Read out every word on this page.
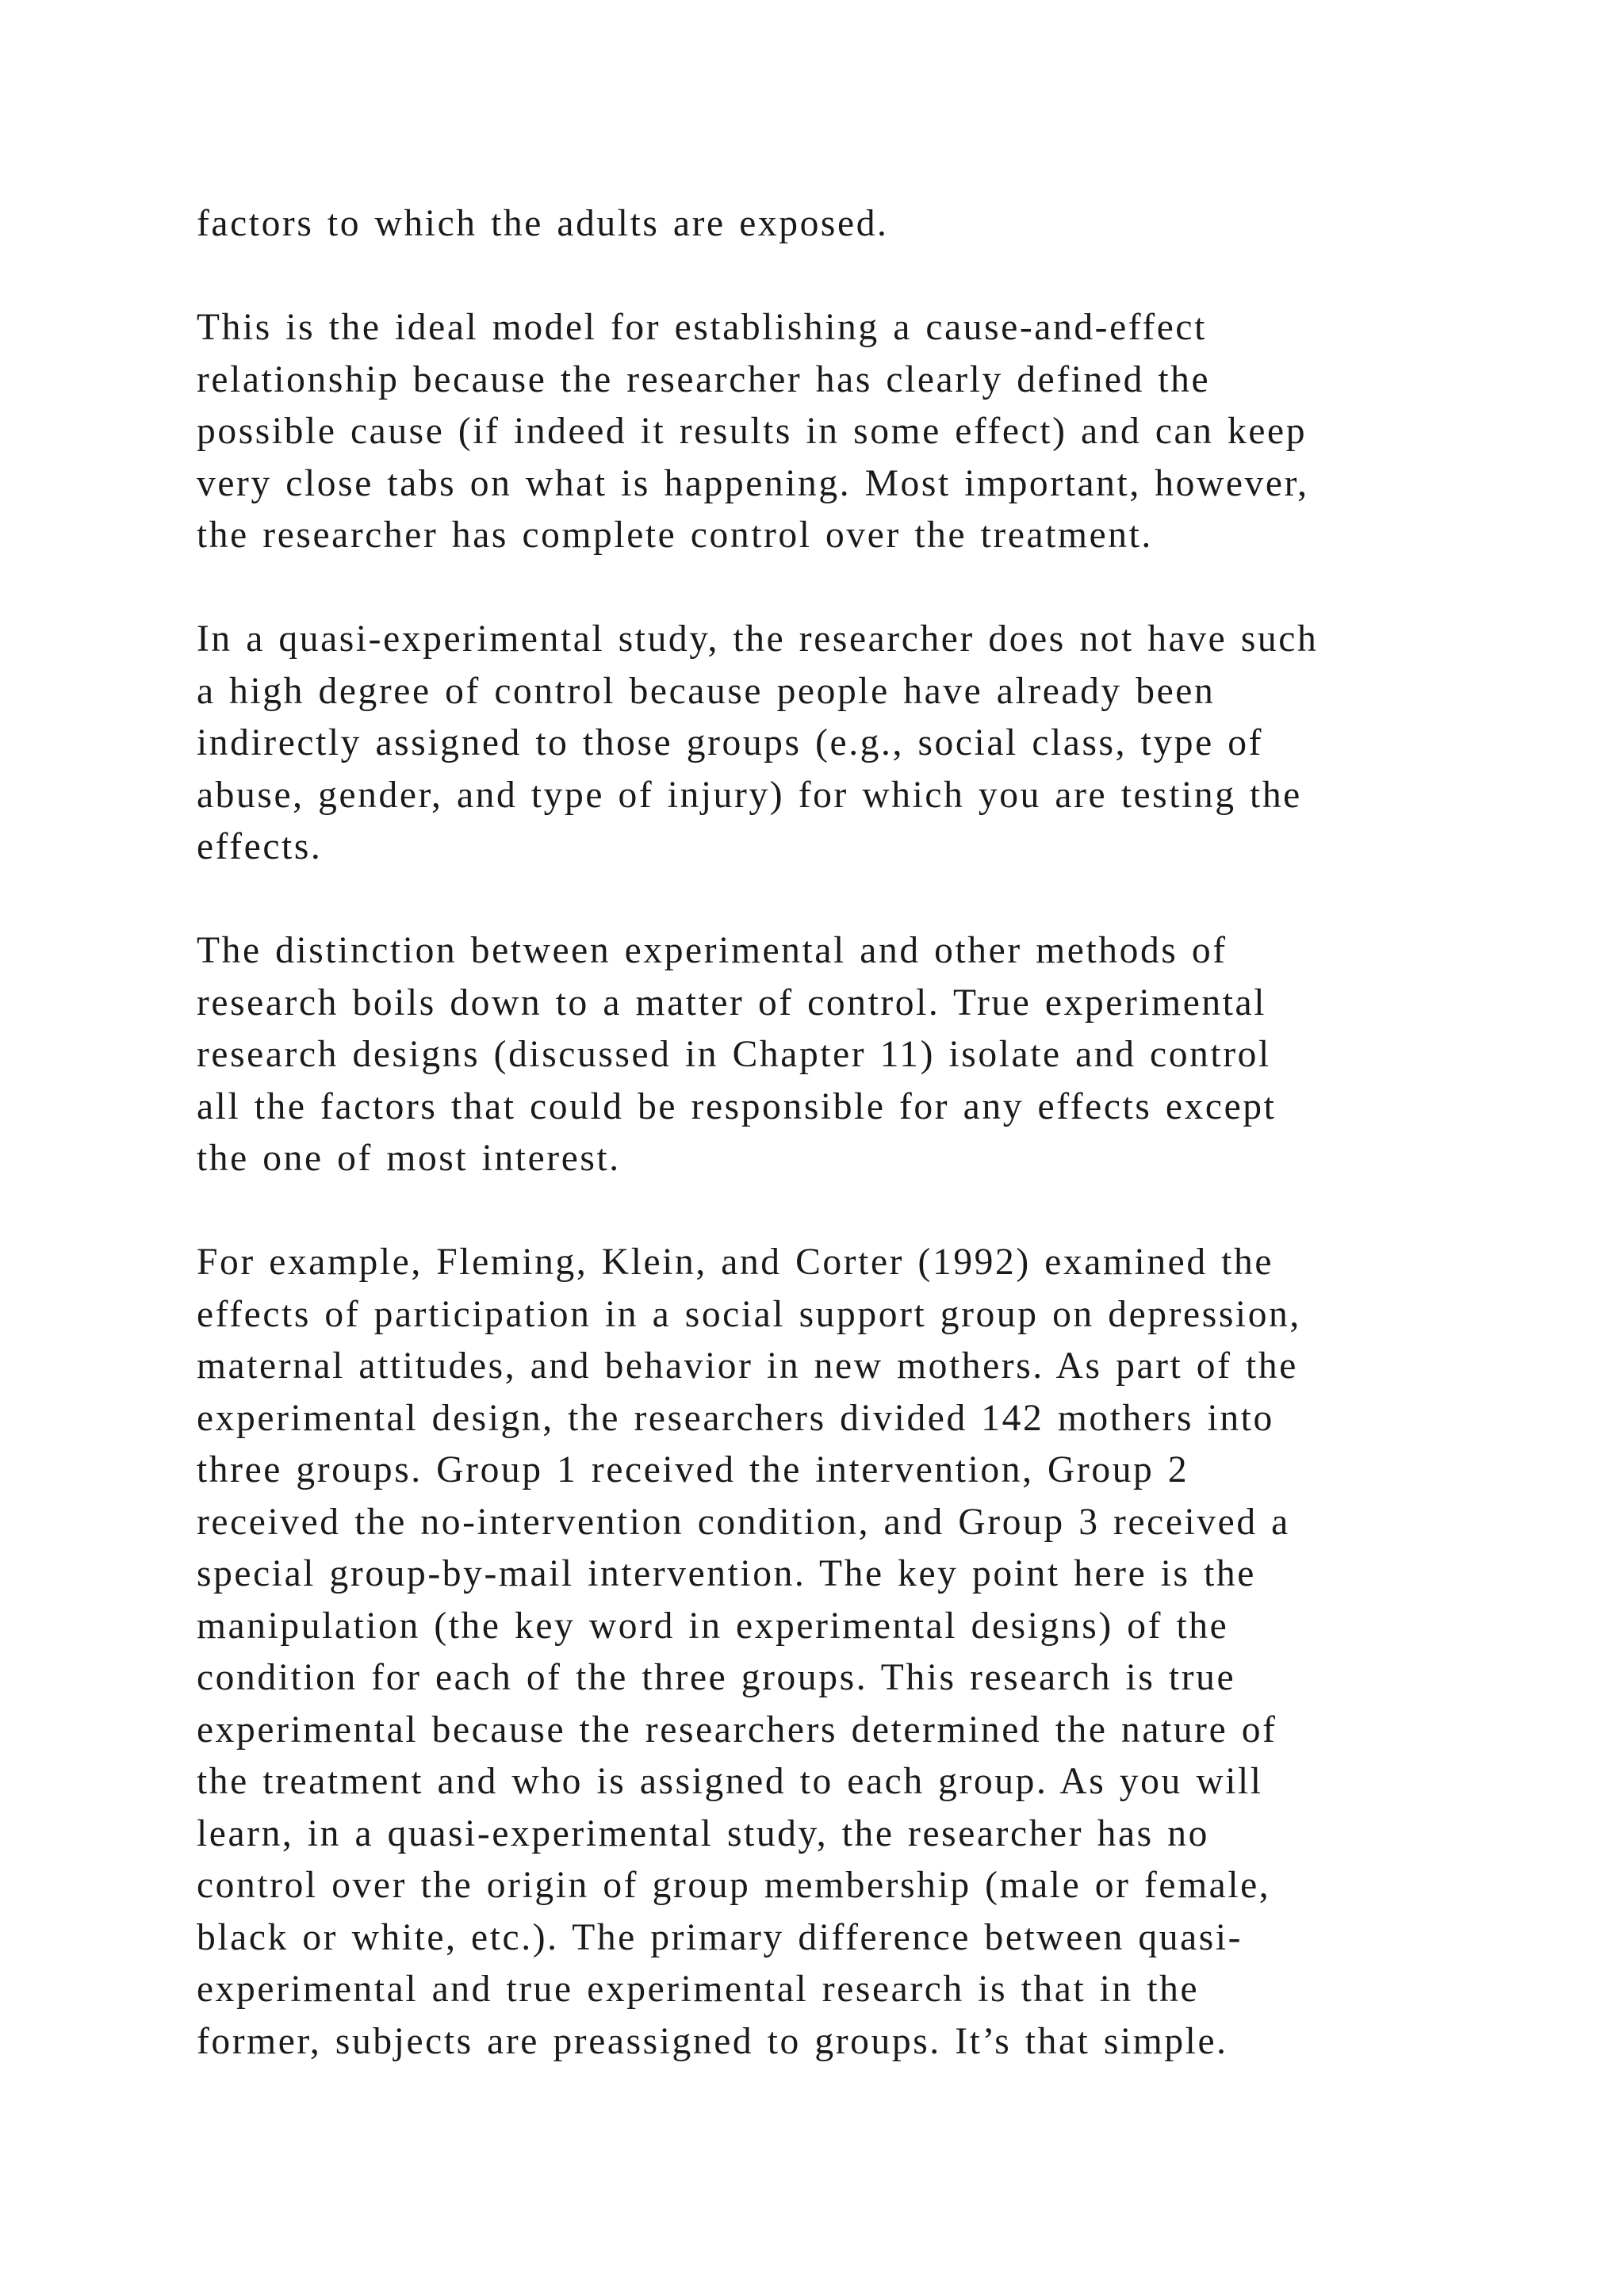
factors to which the adults are exposed.

This is the ideal model for establishing a cause-and-effect
relationship because the researcher has clearly defined the
possible cause (if indeed it results in some effect) and can keep
very close tabs on what is happening. Most important, however,
the researcher has complete control over the treatment.

In a quasi-experimental study, the researcher does not have such
a high degree of control because people have already been
indirectly assigned to those groups (e.g., social class, type of
abuse, gender, and type of injury) for which you are testing the
effects.

The distinction between experimental and other methods of
research boils down to a matter of control. True experimental
research designs (discussed in Chapter 11) isolate and control
all the factors that could be responsible for any effects except
the one of most interest.

For example, Fleming, Klein, and Corter (1992) examined the
effects of participation in a social support group on depression,
maternal attitudes, and behavior in new mothers. As part of the
experimental design, the researchers divided 142 mothers into
three groups. Group 1 received the intervention, Group 2
received the no-intervention condition, and Group 3 received a
special group-by-mail intervention. The key point here is the
manipulation (the key word in experimental designs) of the
condition for each of the three groups. This research is true
experimental because the researchers determined the nature of
the treatment and who is assigned to each group. As you will
learn, in a quasi-experimental study, the researcher has no
control over the origin of group membership (male or female,
black or white, etc.). The primary difference between quasi-
experimental and true experimental research is that in the
former, subjects are preassigned to groups. It’s that simple.
